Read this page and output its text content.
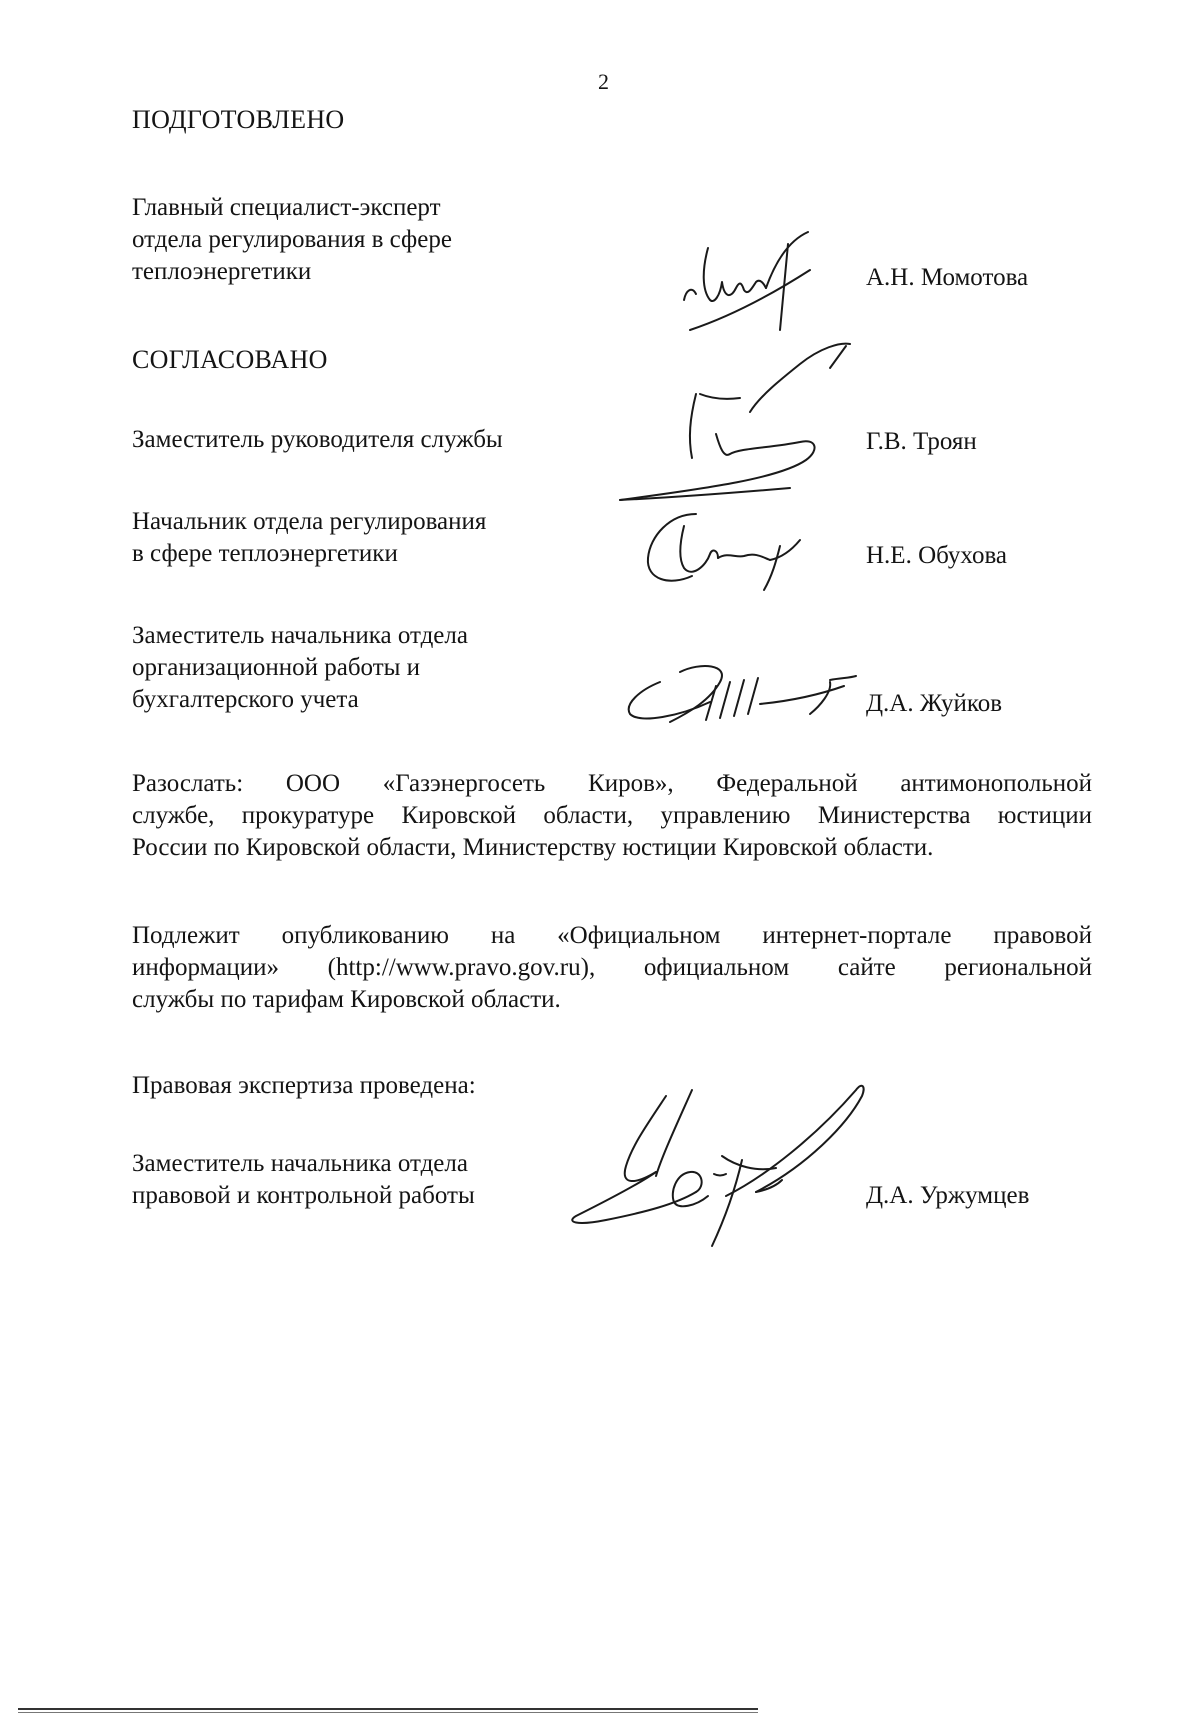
2
ПОДГОТОВЛЕНО
Главный специалист-эксперт
отдела регулирования в сфере
теплоэнергетики	А.Н. Момотова
СОГЛАСОВАНО
Заместитель руководителя службы	Г.В. Троян
Начальник отдела регулирования
в сфере теплоэнергетики	Н.Е. Обухова
Заместитель начальника отдела
организационной работы и
бухгалтерского учета	Д.А. Жуйков
Разослать: ООО «Газэнергосеть Киров», Федеральной антимонопольной
службе, прокуратуре Кировской области, управлению Министерства юстиции
России по Кировской области, Министерству юстиции Кировской области.
Подлежит опубликованию на «Официальном интернет-портале правовой
информации» (http://www.pravo.gov.ru), официальном сайте региональной
службы по тарифам Кировской области.
Правовая экспертиза проведена:
Заместитель начальника отдела
правовой и контрольной работы	Д.А. Уржумцев
